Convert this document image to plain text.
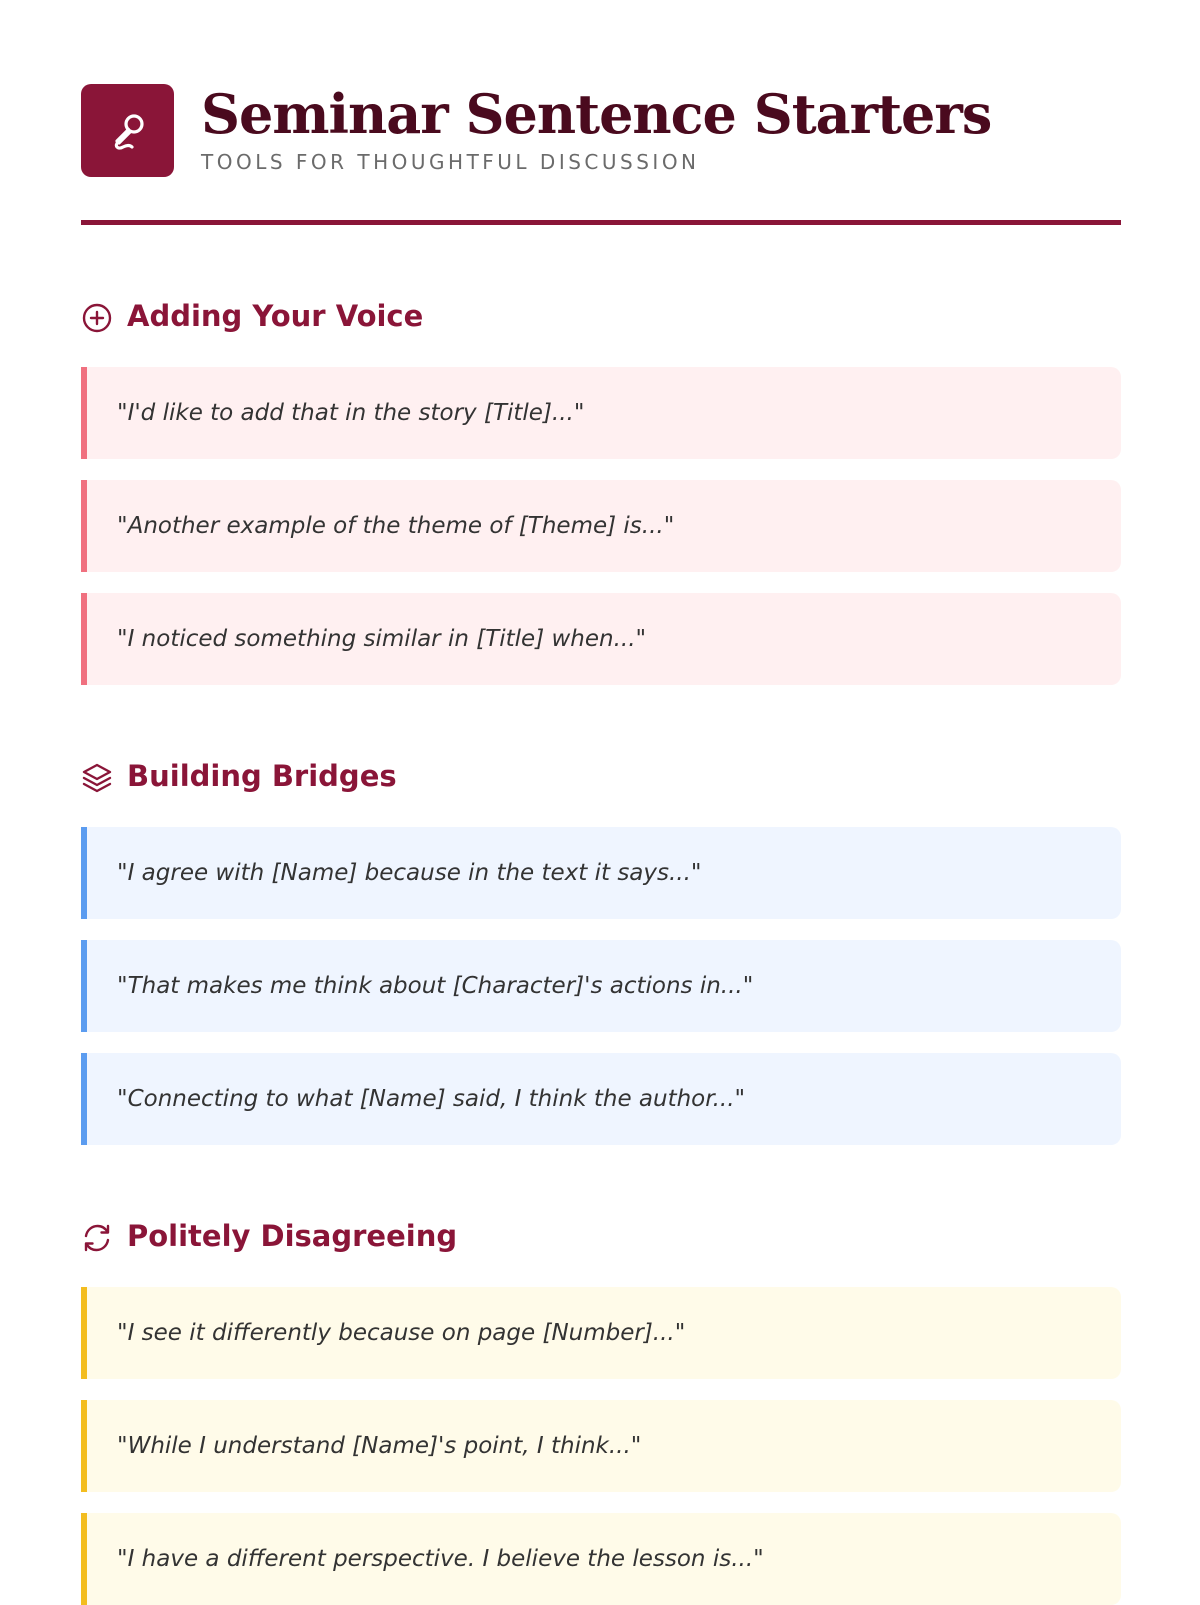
Seminar Sentence Starters
TOOLS FOR THOUGHTFUL DISCUSSION
Adding Your Voice
"I'd like to add that in the story [Title]..."
"Another example of the theme of [Theme] is..."
"I noticed something similar in [Title] when..."
Building Bridges
"I agree with [Name] because in the text it says..."
"That makes me think about [Character]'s actions in..."
"Connecting to what [Name] said, I think the author..."
Politely Disagreeing
"I see it differently because on page [Number]..."
"While I understand [Name]'s point, I think..."
"I have a different perspective. I believe the lesson is..."
